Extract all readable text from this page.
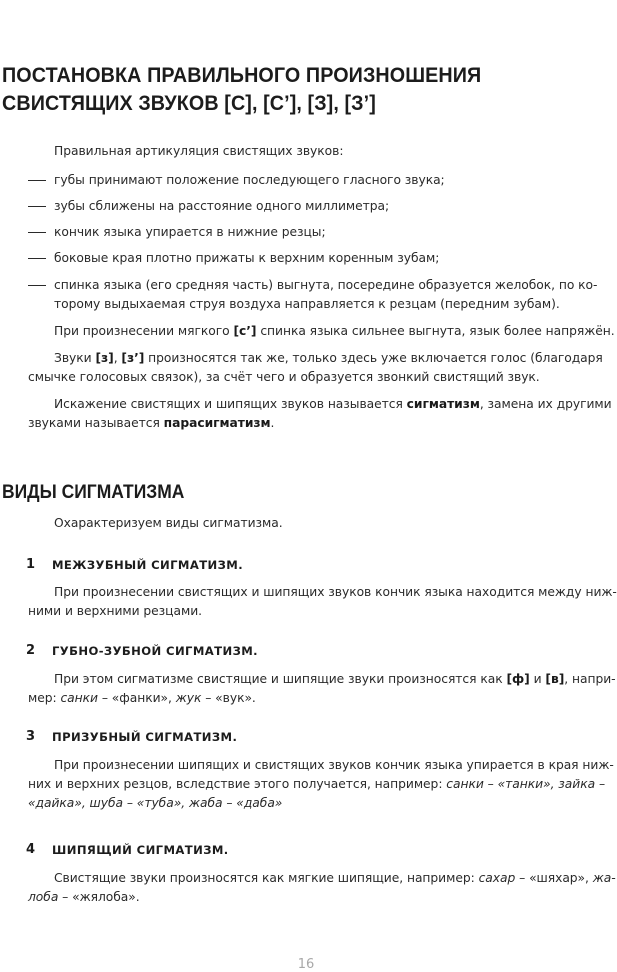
ПОСТАНОВКА ПРАВИЛЬНОГО ПРОИЗНОШЕНИЯ
СВИСТЯЩИХ ЗВУКОВ [С], [С’], [З], [З’]
Правильная артикуляция свистящих звуков:
губы принимают положение последующего гласного звука;
зубы сближены на расстояние одного миллиметра;
кончик языка упирается в нижние резцы;
боковые края плотно прижаты к верхним коренным зубам;
спинка языка (его средняя часть) выгнута, посередине образуется желобок, по ко-
торому выдыхаемая струя воздуха направляется к резцам (передним зубам).
При произнесении мягкого [с’] спинка языка сильнее выгнута, язык более напряжён.
Звуки [з], [з’] произносятся так же, только здесь уже включается голос (благодаря
смычке голосовых связок), за счёт чего и образуется звонкий свистящий звук.
Искажение свистящих и шипящих звуков называется сигматизм, замена их другими
звуками называется парасигматизм.
ВИДЫ СИГМАТИЗМА
Охарактеризуем виды сигматизма.
1 МЕЖЗУБНЫЙ СИГМАТИЗМ.
При произнесении свистящих и шипящих звуков кончик языка находится между ниж-
ними и верхними резцами.
2 ГУБНО-ЗУБНОЙ СИГМАТИЗМ.
При этом сигматизме свистящие и шипящие звуки произносятся как [ф] и [в], напри-
мер: санки – «фанки», жук – «вук».
3 ПРИЗУБНЫЙ СИГМАТИЗМ.
При произнесении шипящих и свистящих звуков кончик языка упирается в края ниж-
них и верхних резцов, вследствие этого получается, например: санки – «танки», зайка –
«дайка», шуба – «туба», жаба – «даба»
4 ШИПЯЩИЙ СИГМАТИЗМ.
Свистящие звуки произносятся как мягкие шипящие, например: сахар – «шяхар», жа-
лоба – «жялоба».
16
